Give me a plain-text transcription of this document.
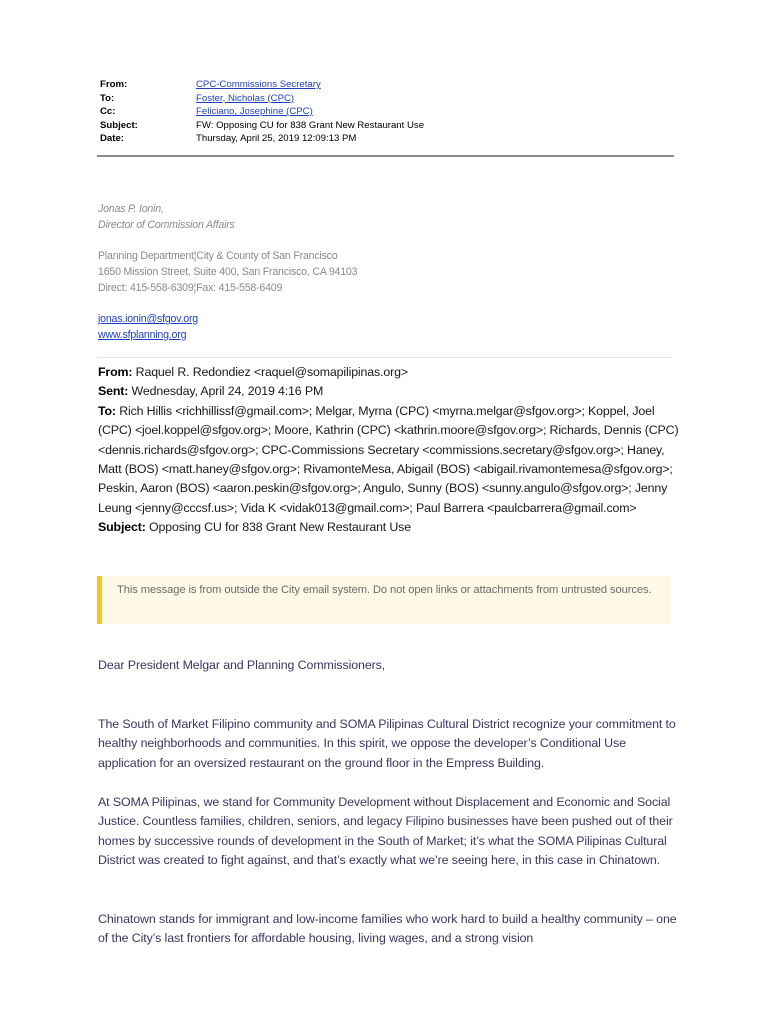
From:	CPC-Commissions Secretary
To:	Foster, Nicholas (CPC)
Cc:	Feliciano, Josephine (CPC)
Subject:	FW: Opposing CU for 838 Grant New Restaurant Use
Date:	Thursday, April 25, 2019 12:09:13 PM
Jonas P. Ionin,
Director of Commission Affairs
Planning Department¦City & County of San Francisco
1650 Mission Street, Suite 400, San Francisco, CA 94103
Direct: 415-558-6309¦Fax: 415-558-6409
jonas.ionin@sfgov.org
www.sfplanning.org

From: Raquel R. Redondiez <raquel@somapilipinas.org>

Sent: Wednesday, April 24, 2019 4:16 PM

To: Rich Hillis <richhillissf@gmail.com>; Melgar, Myrna (CPC) <myrna.melgar@sfgov.org>; Koppel, Joel (CPC) <joel.koppel@sfgov.org>; Moore, Kathrin (CPC) <kathrin.moore@sfgov.org>; Richards, Dennis (CPC) <dennis.richards@sfgov.org>; CPC-Commissions Secretary <commissions.secretary@sfgov.org>; Haney, Matt (BOS) <matt.haney@sfgov.org>; RivamonteMesa, Abigail (BOS) <abigail.rivamontemesa@sfgov.org>; Peskin, Aaron (BOS) <aaron.peskin@sfgov.org>; Angulo, Sunny (BOS) <sunny.angulo@sfgov.org>; Jenny Leung <jenny@cccsf.us>; Vida K <vidak013@gmail.com>; Paul Barrera <paulcbarrera@gmail.com>

Subject: Opposing CU for 838 Grant New Restaurant Use

This message is from outside the City email system. Do not open links or attachments from untrusted sources.

Dear President Melgar and Planning Commissioners,

The South of Market Filipino community and SOMA Pilipinas Cultural District recognize your commitment to healthy neighborhoods and communities. In this spirit, we oppose the developer’s Conditional Use application for an oversized restaurant on the ground floor in the Empress Building.

At SOMA Pilipinas, we stand for Community Development without Displacement and Economic and Social Justice. Countless families, children, seniors, and legacy Filipino businesses have been pushed out of their homes by successive rounds of development in the South of Market; it’s what the SOMA Pilipinas Cultural District was created to fight against, and that’s exactly what we’re seeing here, in this case in Chinatown.

Chinatown stands for immigrant and low-income families who work hard to build a healthy community – one of the City’s last frontiers for affordable housing, living wages, and a strong vision
